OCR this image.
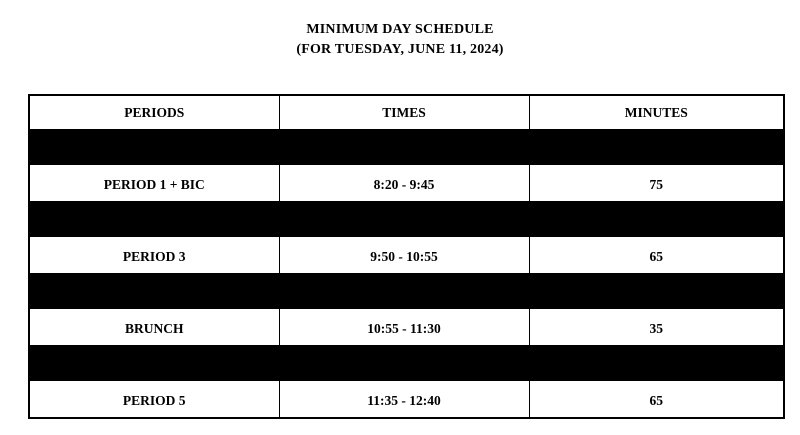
MINIMUM DAY SCHEDULE
(FOR TUESDAY, JUNE 11, 2024)
PERIODS	TIMES	MINUTES

PERIOD 1 + BIC	8:20 - 9:45	75

PERIOD 3	9:50 - 10:55	65

BRUNCH	10:55 - 11:30	35

PERIOD 5	11:35 - 12:40	65
